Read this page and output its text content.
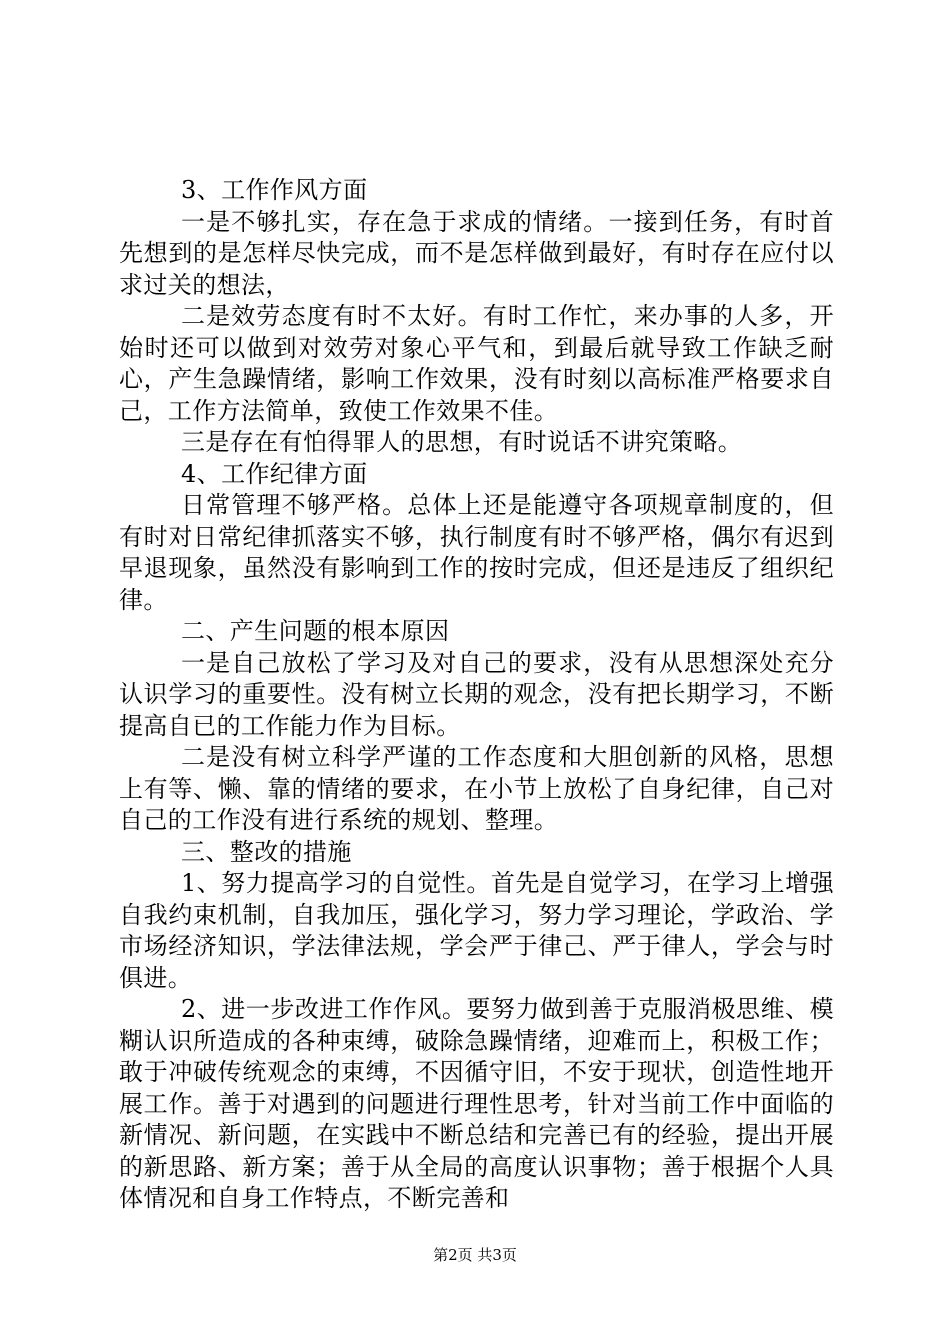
3、工作作风方面

一是不够扎实，存在急于求成的情绪。一接到任务，有时首先想到的是怎样尽快完成，而不是怎样做到最好，有时存在应付以求过关的想法，

二是效劳态度有时不太好。有时工作忙，来办事的人多，开始时还可以做到对效劳对象心平气和，到最后就导致工作缺乏耐心，产生急躁情绪，影响工作效果，没有时刻以高标准严格要求自己，工作方法简单，致使工作效果不佳。

三是存在有怕得罪人的思想，有时说话不讲究策略。

4、工作纪律方面

日常管理不够严格。总体上还是能遵守各项规章制度的，但有时对日常纪律抓落实不够，执行制度有时不够严格，偶尔有迟到早退现象，虽然没有影响到工作的按时完成，但还是违反了组织纪律。

二、产生问题的根本原因

一是自己放松了学习及对自己的要求，没有从思想深处充分认识学习的重要性。没有树立长期的观念，没有把长期学习，不断提高自已的工作能力作为目标。

二是没有树立科学严谨的工作态度和大胆创新的风格，思想上有等、懒、靠的情绪的要求，在小节上放松了自身纪律，自己对自己的工作没有进行系统的规划、整理。

三、整改的措施

1、努力提高学习的自觉性。首先是自觉学习，在学习上增强自我约束机制，自我加压，强化学习，努力学习理论，学政治、学市场经济知识，学法律法规，学会严于律己、严于律人，学会与时俱进。

2、进一步改进工作作风。要努力做到善于克服消极思维、模糊认识所造成的各种束缚，破除急躁情绪，迎难而上，积极工作；敢于冲破传统观念的束缚，不因循守旧，不安于现状，创造性地开展工作。善于对遇到的问题进行理性思考，针对当前工作中面临的新情况、新问题，在实践中不断总结和完善已有的经验，提出开展的新思路、新方案；善于从全局的高度认识事物；善于根据个人具体情况和自身工作特点，不断完善和

第2页 共3页
